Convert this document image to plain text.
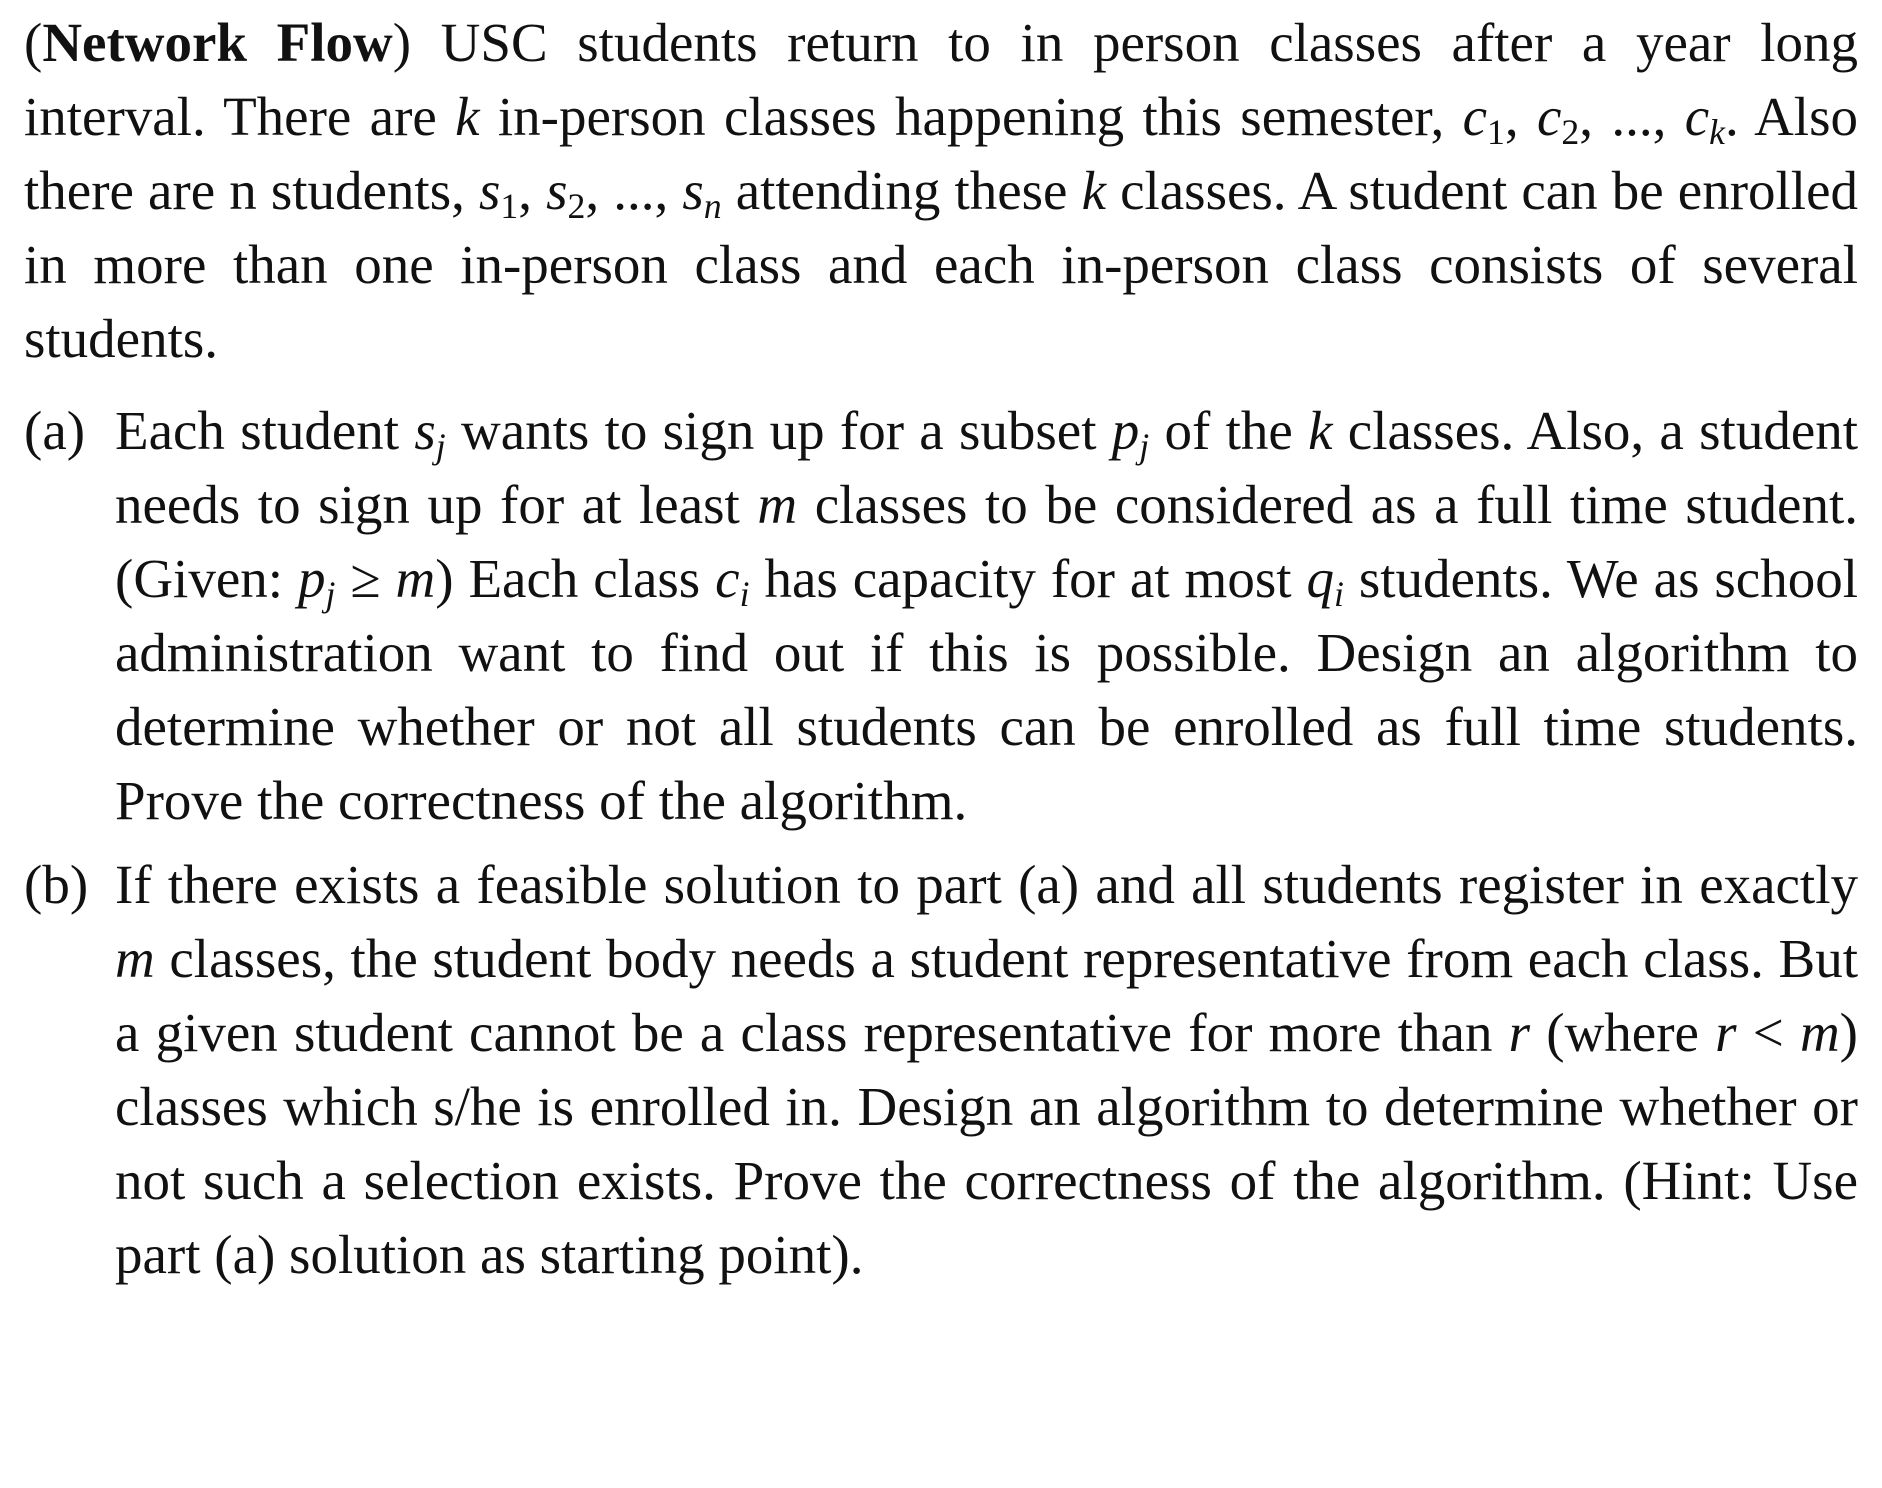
(Network Flow) USC students return to in person classes after a year long interval. There are k in-person classes happening this semester, $c_1$, $c_2$, ..., $c_k$. Also there are n students, $s_1$, $s_2$, ..., $s_n$ attending these k classes. A student can be enrolled in more than one in-person class and each in-person class consists of several students.

(a) Each student $s_j$ wants to sign up for a subset $p_j$ of the k classes. Also, a student needs to sign up for at least m classes to be considered as a full time student. (Given: $p_j \ge m$) Each class $c_i$ has capacity for at most $q_i$ students. We as school administration want to find out if this is possible. Design an algorithm to determine whether or not all students can be enrolled as full time students. Prove the correctness of the algorithm.

(b) If there exists a feasible solution to part (a) and all students register in exactly m classes, the student body needs a student representative from each class. But a given student cannot be a class representative for more than r (where r < m) classes which s/he is enrolled in. Design an algorithm to determine whether or not such a selection exists. Prove the correctness of the algorithm. (Hint: Use part (a) solution as starting point).
